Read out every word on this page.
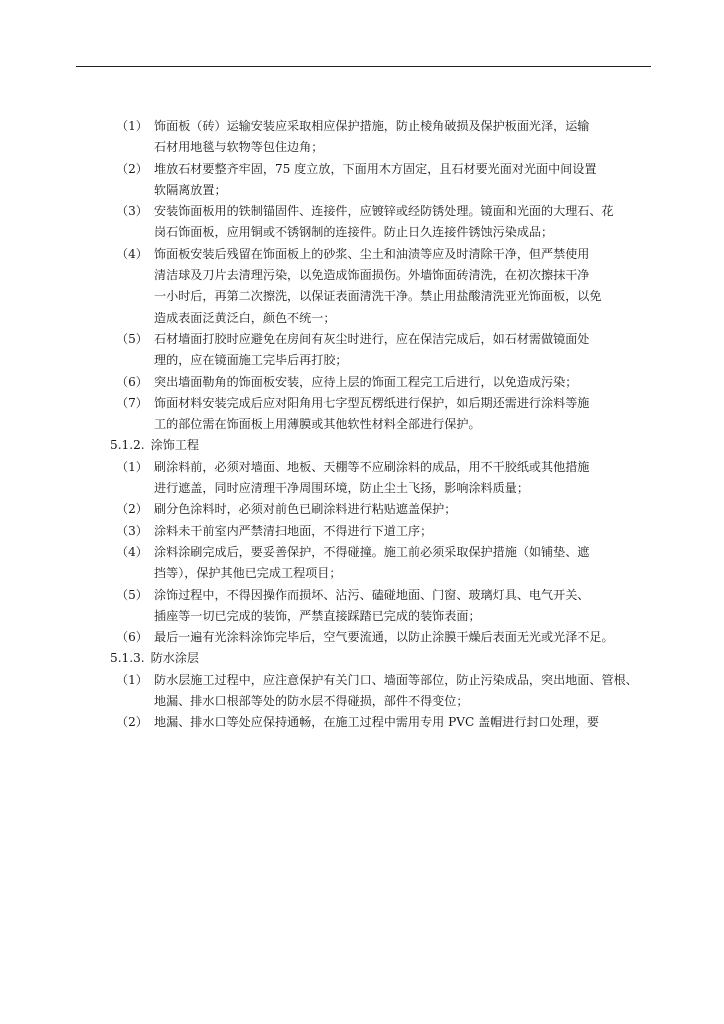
（1） 饰面板（砖）运输安装应采取相应保护措施，防止棱角破损及保护板面光泽，运输
石材用地毯与软物等包住边角；
（2） 堆放石材要整齐牢固，75 度立放，下面用木方固定，且石材要光面对光面中间设置
软隔离放置；
（3） 安装饰面板用的铁制锚固件、连接件，应镀锌或经防锈处理。镜面和光面的大理石、花
岗石饰面板，应用铜或不锈钢制的连接件。防止日久连接件锈蚀污染成品；
（4） 饰面板安装后残留在饰面板上的砂浆、尘土和油渍等应及时清除干净，但严禁使用
清洁球及刀片去清理污染，以免造成饰面损伤。外墙饰面砖清洗，在初次擦抹干净
一小时后，再第二次擦洗，以保证表面清洗干净。禁止用盐酸清洗亚光饰面板，以免
造成表面泛黄泛白，颜色不统一；
（5） 石材墙面打胶时应避免在房间有灰尘时进行，应在保洁完成后，如石材需做镜面处
理的，应在镜面施工完毕后再打胶；
（6） 突出墙面勒角的饰面板安装，应待上层的饰面工程完工后进行，以免造成污染；
（7） 饰面材料安装完成后应对阳角用七字型瓦楞纸进行保护，如后期还需进行涂料等施
工的部位需在饰面板上用薄膜或其他软性材料全部进行保护。
5.1.2. 涂饰工程
（1） 刷涂料前，必须对墙面、地板、天棚等不应刷涂料的成品，用不干胶纸或其他措施
进行遮盖，同时应清理干净周围环境，防止尘土飞扬，影响涂料质量；
（2） 刷分色涂料时，必须对前色已刷涂料进行粘贴遮盖保护；
（3） 涂料未干前室内严禁清扫地面，不得进行下道工序；
（4） 涂料涂刷完成后，要妥善保护，不得碰撞。施工前必须采取保护措施（如铺垫、遮
挡等），保护其他已完成工程项目；
（5） 涂饰过程中，不得因操作而损坏、沾污、磕碰地面、门窗、玻璃灯具、电气开关、
插座等一切已完成的装饰，严禁直接踩踏已完成的装饰表面；
（6） 最后一遍有光涂料涂饰完毕后，空气要流通，以防止涂膜干燥后表面无光或光泽不足。
5.1.3. 防水涂层
（1） 防水层施工过程中，应注意保护有关门口、墙面等部位，防止污染成品，突出地面、管根、
地漏、排水口根部等处的防水层不得碰损，部件不得变位；
（2） 地漏、排水口等处应保持通畅，在施工过程中需用专用 PVC 盖帽进行封口处理，要
